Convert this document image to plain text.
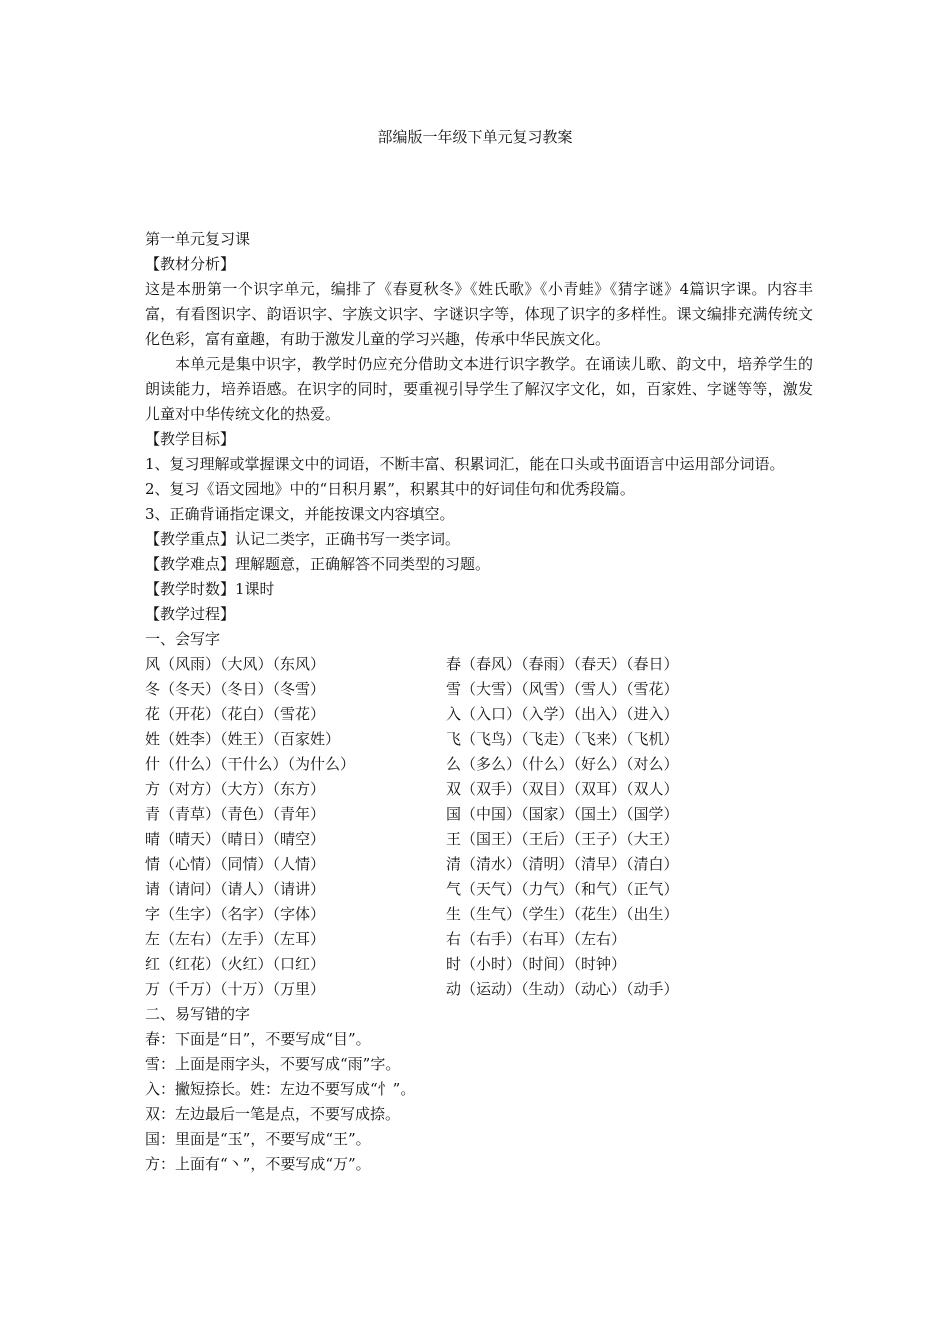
部编版一年级下单元复习教案

第一单元复习课

【教材分析】

这是本册第一个识字单元，编排了《春夏秋冬》《姓氏歌》《小青蛙》《猜字谜》4篇识字课。内容丰富，有看图识字、韵语识字、字族文识字、字谜识字等，体现了识字的多样性。课文编排充满传统文化色彩，富有童趣，有助于激发儿童的学习兴趣，传承中华民族文化。

本单元是集中识字，教学时仍应充分借助文本进行识字教学。在诵读儿歌、韵文中，培养学生的朗读能力，培养语感。在识字的同时，要重视引导学生了解汉字文化，如，百家姓、字谜等等，激发儿童对中华传统文化的热爱。

【教学目标】

1、复习理解或掌握课文中的词语，不断丰富、积累词汇，能在口头或书面语言中运用部分词语。

2、复习《语文园地》中的“日积月累”，积累其中的好词佳句和优秀段篇。

3、正确背诵指定课文，并能按课文内容填空。

【教学重点】认记二类字，正确书写一类字词。

【教学难点】理解题意，正确解答不同类型的习题。

【教学时数】1课时

【教学过程】

一、会写字

风（风雨）（大风）（东风）	春（春风）（春雨）（春天）（春日）
冬（冬天）（冬日）（冬雪）	雪（大雪）（风雪）（雪人）（雪花）
花（开花）（花白）（雪花）	入（入口）（入学）（出入）（进入）
姓（姓李）（姓王）（百家姓）	飞（飞鸟）（飞走）（飞来）（飞机）
什（什么）（干什么）（为什么）	么（多么）（什么）（好么）（对么）
方（对方）（大方）（东方）	双（双手）（双目）（双耳）（双人）
青（青草）（青色）（青年）	国（中国）（国家）（国土）（国学）
晴（晴天）（晴日）（晴空）	王（国王）（王后）（王子）（大王）
情（心情）（同情）（人情）	清（清水）（清明）（清早）（清白）
请（请问）（请人）（请讲）	气（天气）（力气）（和气）（正气）
字（生字）（名字）（字体）	生（生气）（学生）（花生）（出生）
左（左右）（左手）（左耳）	右（右手）（右耳）（左右）
红（红花）（火红）（口红）	时（小时）（时间）（时钟）
万（千万）（十万）（万里）	动（运动）（生动）（动心）（动手）

二、易写错的字

春：下面是“日”，不要写成“目”。

雪：上面是雨字头，不要写成“雨”字。

入：撇短捺长。姓：左边不要写成“忄”。

双：左边最后一笔是点，不要写成捺。

国：里面是“玉”，不要写成“王”。

方：上面有“丶”，不要写成“万”。
